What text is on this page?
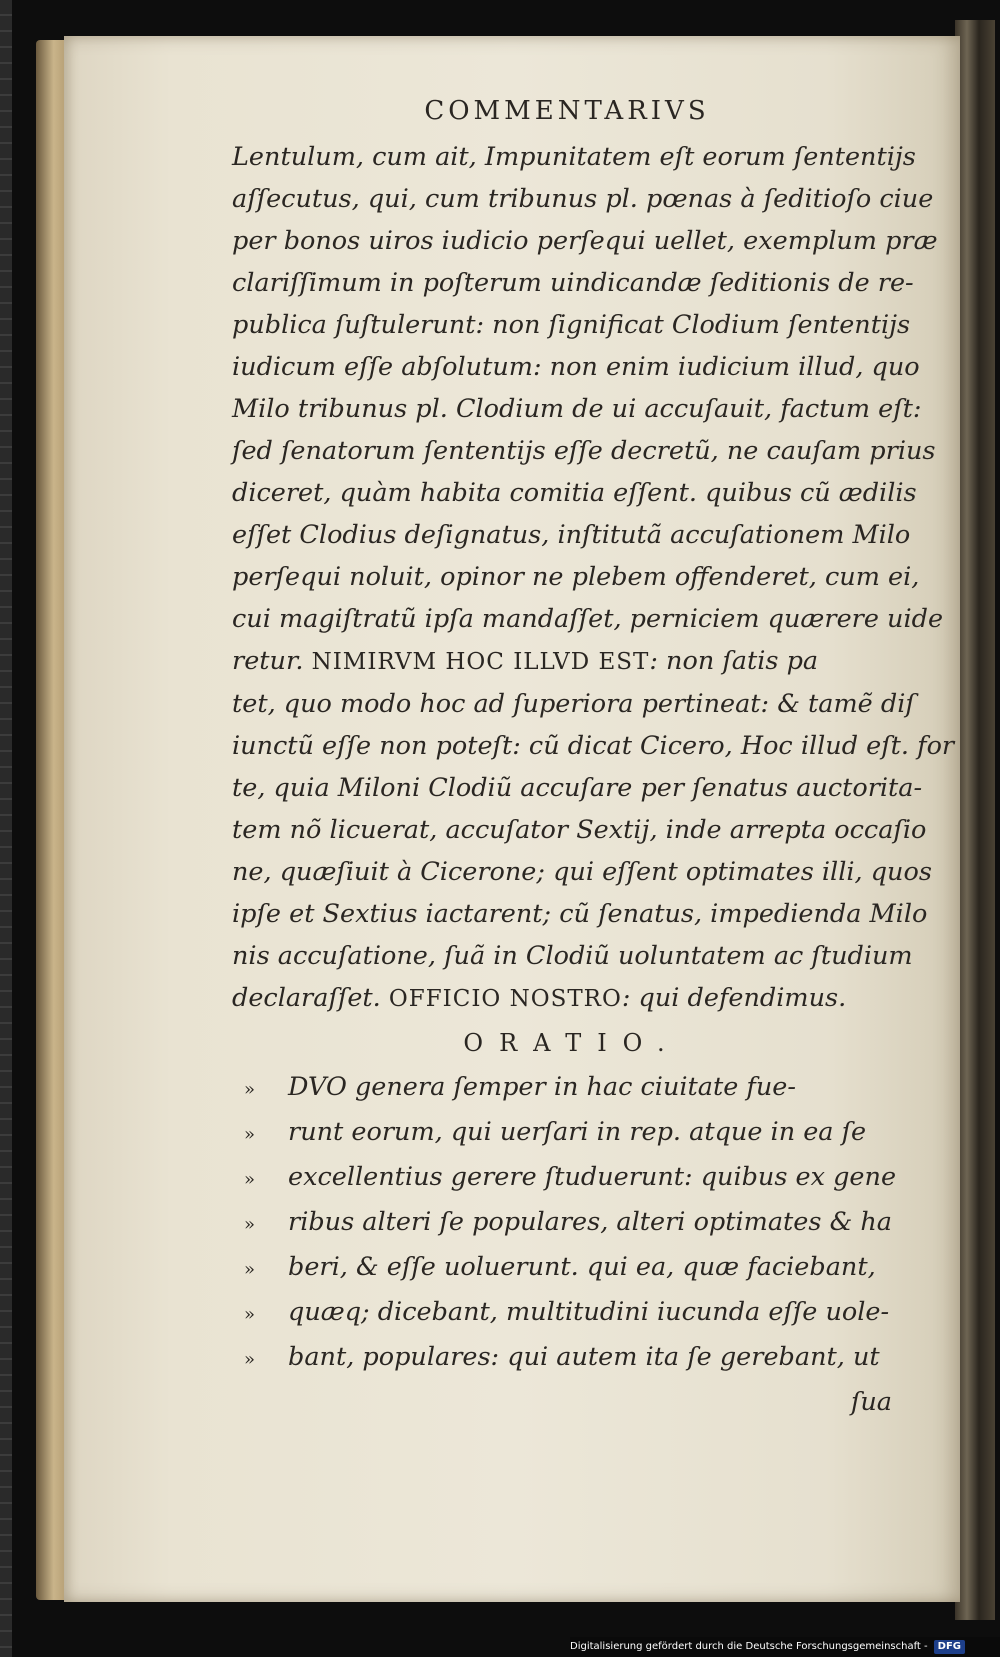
COMMENTARIVS
Lentulum, cum ait, Impunitatem eſt eorum ſententijs
aſſecutus, qui, cum tribunus pl. pœnas à ſeditioſo ciue
per bonos uiros iudicio perſequi uellet, exemplum præ
clariſſimum in poſterum uindicandæ ſeditionis de re-
publica ſuſtulerunt: non ſignificat Clodium ſententijs
iudicum eſſe abſolutum: non enim iudicium illud, quo
Milo tribunus pl. Clodium de ui accuſauit, factum eſt:
ſed ſenatorum ſententijs eſſe decretũ, ne cauſam prius
diceret, quàm habita comitia eſſent. quibus cũ ædilis
eſſet Clodius deſignatus, inſtitutã accuſationem Milo
perſequi noluit, opinor ne plebem offenderet, cum ei,
cui magiſtratũ ipſa mandaſſet, perniciem quærere uide
retur. NIMIRVM HOC ILLVD EST: non ſatis pa
tet, quo modo hoc ad ſuperiora pertineat: & tamẽ diſ
iunctũ eſſe non poteſt: cũ dicat Cicero, Hoc illud eſt. for
te, quia Miloni Clodiũ accuſare per ſenatus auctorita-
tem nõ licuerat, accuſator Sextij, inde arrepta occaſio
ne, quæſiuit à Cicerone; qui eſſent optimates illi, quos
ipſe et Sextius iactarent; cũ ſenatus, impedienda Milo
nis accuſatione, ſuã in Clodiũ uoluntatem ac ſtudium
declaraſſet. OFFICIO NOSTRO: qui defendimus.
ORATIO.
»	DVO genera ſemper in hac ciuitate fue-
»	runt eorum, qui uerſari in rep. atque in ea ſe
»	excellentius gerere ſtuduerunt: quibus ex gene
»	ribus alteri ſe populares, alteri optimates & ha
»	beri, & eſſe uoluerunt. qui ea, quæ faciebant,
»	quæq; dicebant, multitudini iucunda eſſe uole-
»	bant, populares: qui autem ita ſe gerebant, ut
ſua
Digitalisierung gefördert durch die Deutsche Forschungsgemeinschaft -	DFG
